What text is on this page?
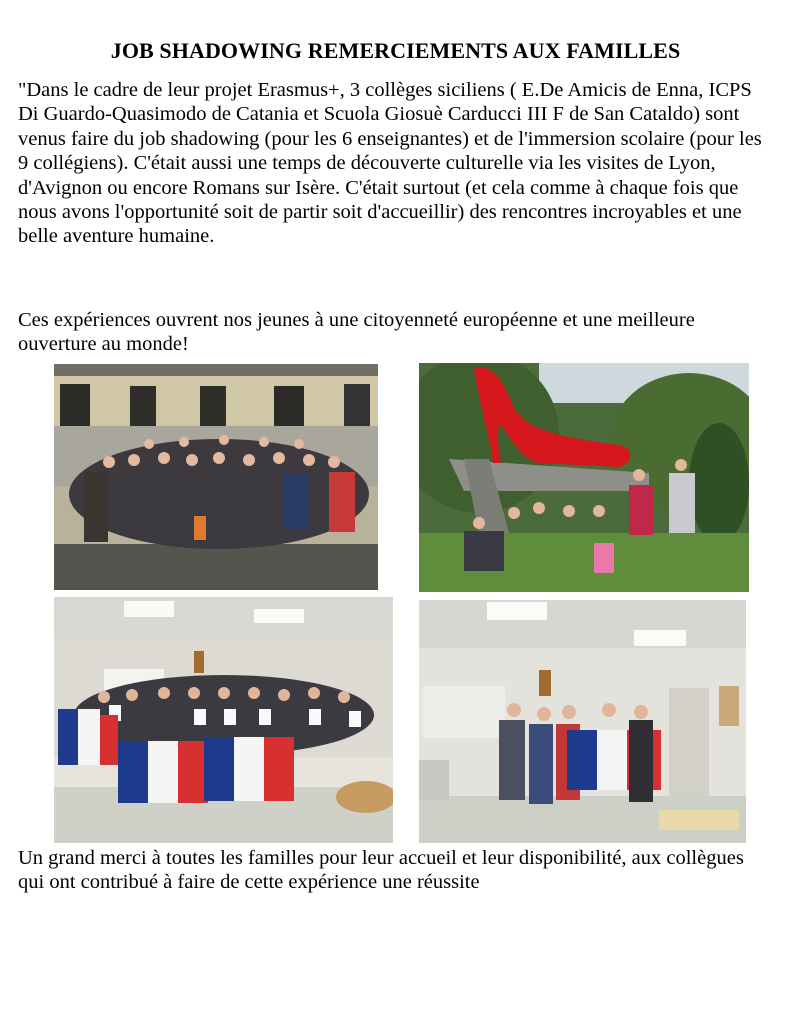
JOB SHADOWING REMERCIEMENTS AUX FAMILLES

"Dans le cadre de leur projet Erasmus+, 3 collèges siciliens ( E.De Amicis de Enna, ICPS Di Guardo-Quasimodo de Catania et Scuola Giosuè Carducci III F de San Cataldo) sont venus faire du job shadowing (pour les 6 enseignantes) et de l'immersion scolaire (pour les 9 collégiens). C'était aussi une temps de découverte culturelle via les visites de Lyon, d'Avignon ou encore Romans sur Isère. C'était surtout (et cela comme à chaque fois que nous avons l'opportunité soit de partir soit d'accueillir) des rencontres incroyables et une belle aventure humaine.

Ces expériences ouvrent nos jeunes à une citoyenneté européenne et une meilleure ouverture au monde!

Un grand merci à toutes les familles pour leur accueil et leur disponibilité, aux collègues qui ont contribué à faire de cette expérience une réussite
